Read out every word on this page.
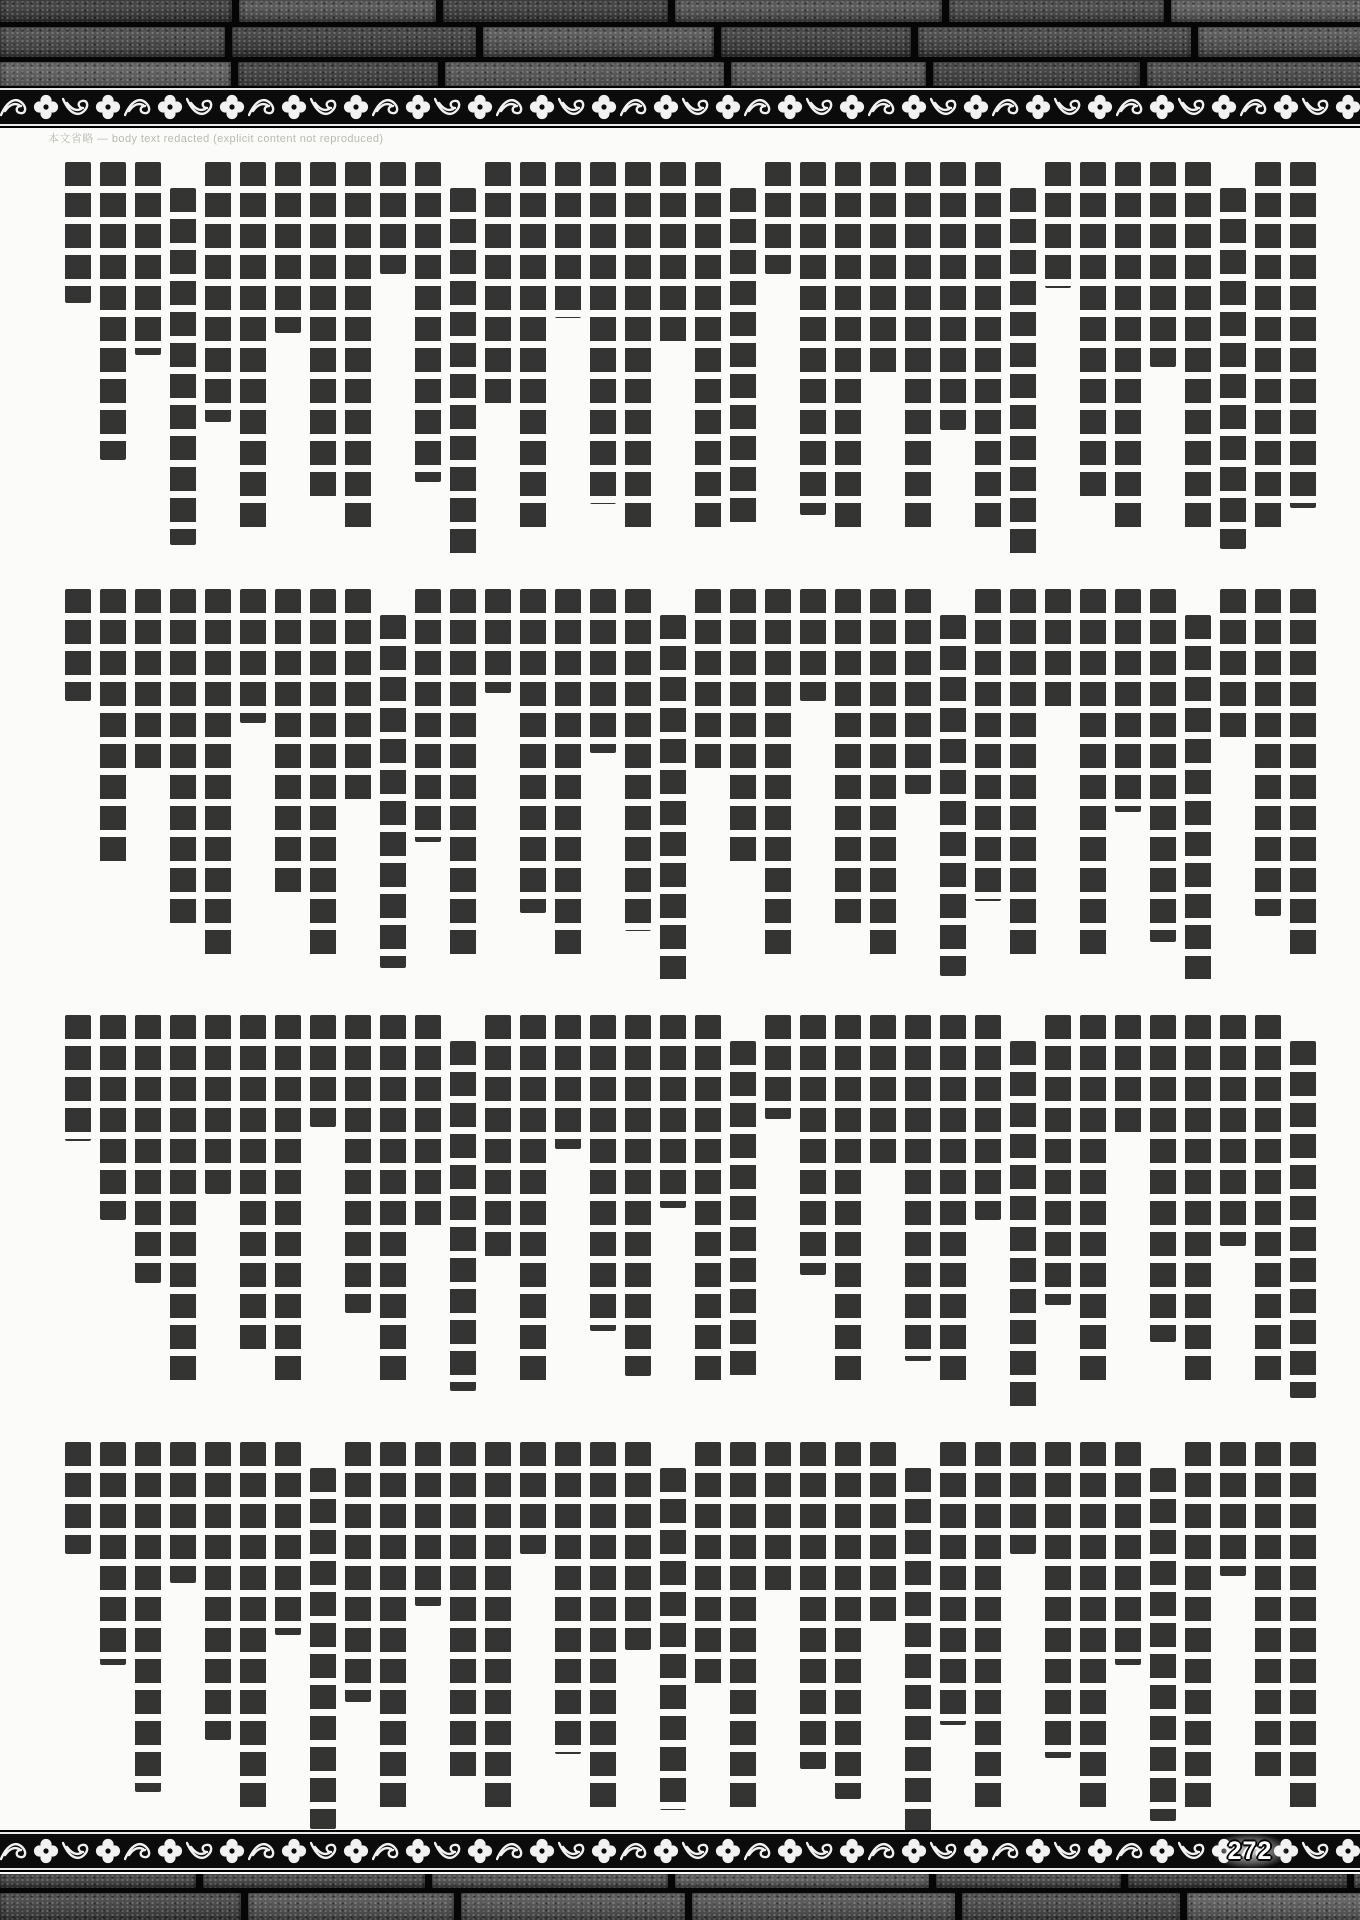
本文省略 — body text redacted (explicit content not reproduced)
272
